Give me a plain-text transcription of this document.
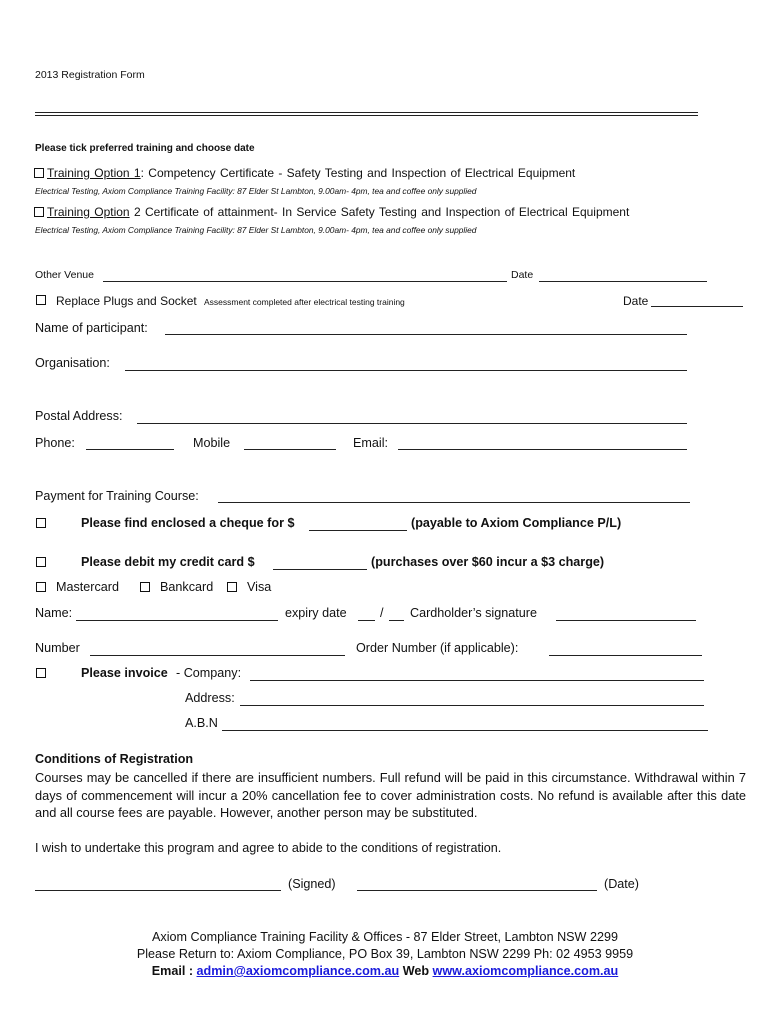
2013 Registration Form
Please tick preferred training and choose date
Training Option 1: Competency Certificate - Safety Testing and Inspection of Electrical Equipment
Electrical Testing, Axiom Compliance Training Facility: 87 Elder St Lambton, 9.00am- 4pm, tea and coffee only supplied
Training Option 2 Certificate of attainment- In Service Safety Testing and Inspection of Electrical Equipment
Electrical Testing, Axiom Compliance Training Facility: 87 Elder St Lambton, 9.00am- 4pm, tea and coffee only supplied
Other Venue	Date
Replace Plugs and Socket Assessment completed after electrical testing training	Date
Name of participant:
Organisation:
Postal Address:
Phone:	Mobile	Email:
Payment for Training Course:
Please find enclosed a cheque for $	(payable to Axiom Compliance P/L)
Please debit my credit card $	(purchases over $60 incur a $3 charge)
Mastercard	Bankcard	Visa
Name:	expiry date	/ Cardholder’s signature
Number	Order Number (if applicable):
Please invoice - Company:
Address:
A.B.N
Conditions of Registration
Courses may be cancelled if there are insufficient numbers. Full refund will be paid in this circumstance. Withdrawal within 7 days of commencement will incur a 20% cancellation fee to cover administration costs. No refund is available after this date and all course fees are payable. However, another person may be substituted.
I wish to undertake this program and agree to abide to the conditions of registration.
(Signed)	(Date)
Axiom Compliance Training Facility & Offices - 87 Elder Street, Lambton NSW 2299
Please Return to: Axiom Compliance, PO Box 39, Lambton NSW 2299 Ph: 02 4953 9959
Email : admin@axiomcompliance.com.au Web www.axiomcompliance.com.au
